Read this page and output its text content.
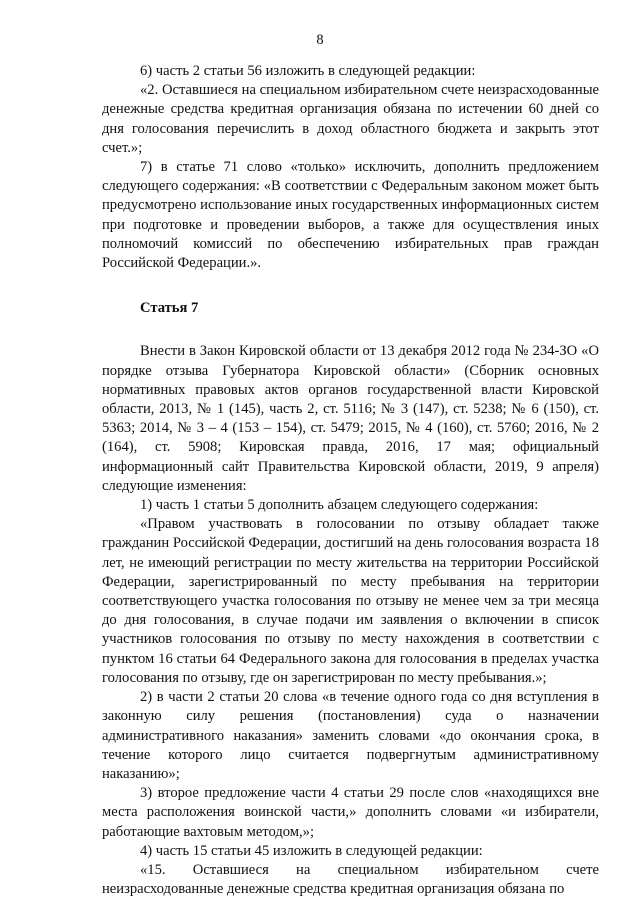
8

6) часть 2 статьи 56 изложить в следующей редакции:

«2. Оставшиеся на специальном избирательном счете неизрасходованные денежные средства кредитная организация обязана по истечении 60 дней со дня голосования перечислить в доход областного бюджета и закрыть этот счет.»;

7) в статье 71 слово «только» исключить, дополнить предложением следующего содержания: «В соответствии с Федеральным законом может быть предусмотрено использование иных государственных информационных систем при подготовке и проведении выборов, а также для осуществления иных полномочий комиссий по обеспечению избирательных прав граждан Российской Федерации.».

Статья 7

Внести в Закон Кировской области от 13 декабря 2012 года № 234-ЗО «О порядке отзыва Губернатора Кировской области» (Сборник основных нормативных правовых актов органов государственной власти Кировской области, 2013, № 1 (145), часть 2, ст. 5116; № 3 (147), ст. 5238; № 6 (150), ст. 5363; 2014, № 3 – 4 (153 – 154), ст. 5479; 2015, № 4 (160), ст. 5760; 2016, № 2 (164), ст. 5908; Кировская правда, 2016, 17 мая; официальный информационный сайт Правительства Кировской области, 2019, 9 апреля) следующие изменения:

1) часть 1 статьи 5 дополнить абзацем следующего содержания:

«Правом участвовать в голосовании по отзыву обладает также гражданин Российской Федерации, достигший на день голосования возраста 18 лет, не имеющий регистрации по месту жительства на территории Российской Федерации, зарегистрированный по месту пребывания на территории соответствующего участка голосования по отзыву не менее чем за три месяца до дня голосования, в случае подачи им заявления о включении в список участников голосования по отзыву по месту нахождения в соответствии с пунктом 16 статьи 64 Федерального закона для голосования в пределах участка голосования по отзыву, где он зарегистрирован по месту пребывания.»;

2) в части 2 статьи 20 слова «в течение одного года со дня вступления в законную силу решения (постановления) суда о назначении административного наказания» заменить словами «до окончания срока, в течение которого лицо считается подвергнутым административному наказанию»;

3) второе предложение части 4 статьи 29 после слов «находящихся вне места расположения воинской части,» дополнить словами «и избиратели, работающие вахтовым методом,»;

4) часть 15 статьи 45 изложить в следующей редакции:

«15. Оставшиеся на специальном избирательном счете неизрасходованные денежные средства кредитная организация обязана по
